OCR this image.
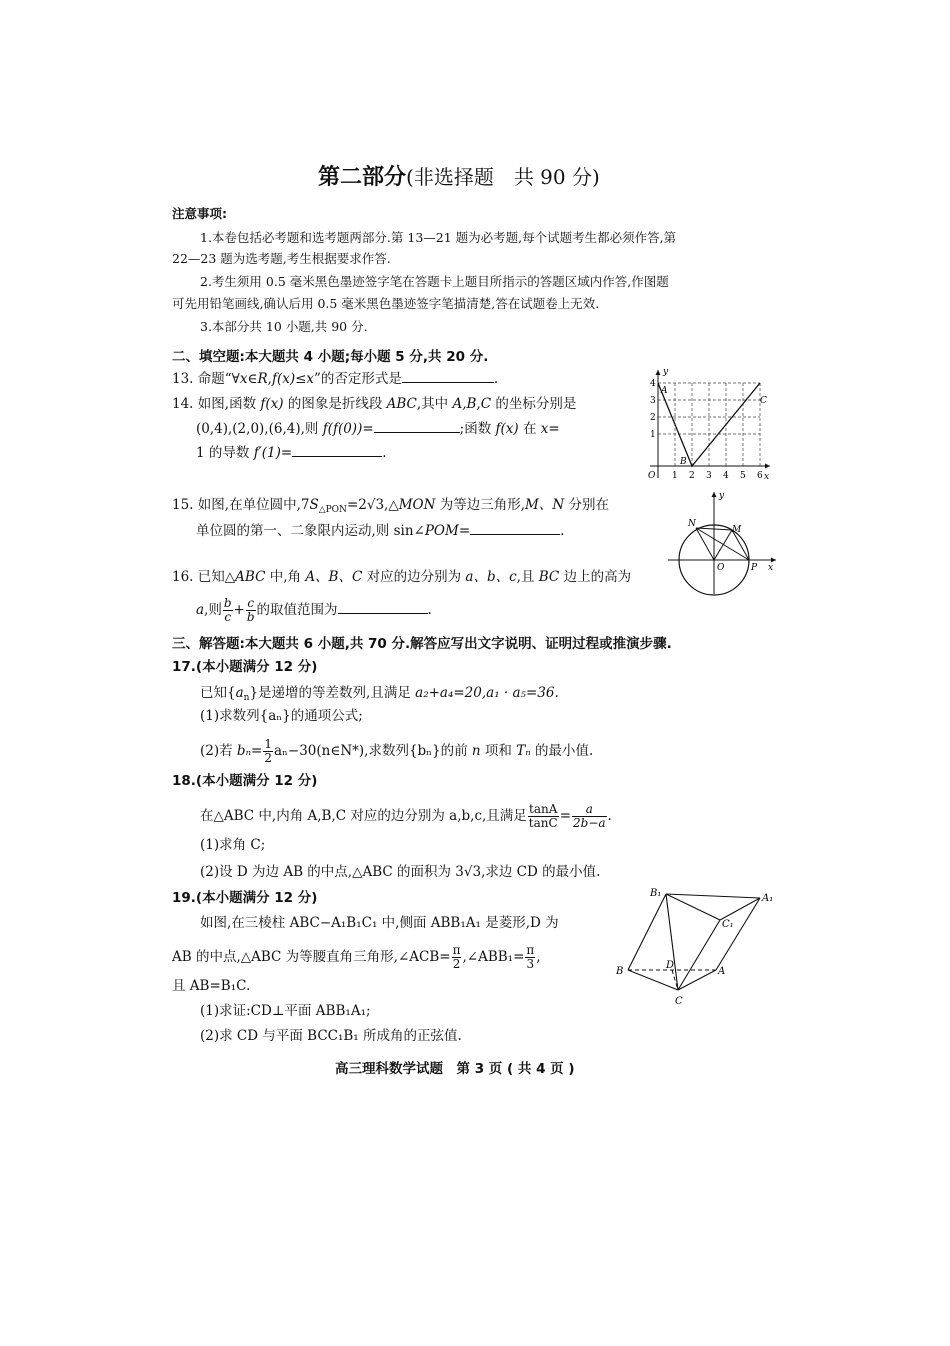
第二部分(非选择题　共 90 分)
注意事项:
1.本卷包括必考题和选考题两部分.第 13—21 题为必考题,每个试题考生都必须作答,第
22—23 题为选考题,考生根据要求作答.
2.考生须用 0.5 毫米黑色墨迹签字笔在答题卡上题目所指示的答题区域内作答,作图题
可先用铅笔画线,确认后用 0.5 毫米黑色墨迹签字笔描清楚,答在试题卷上无效.
3.本部分共 10 小题,共 90 分.
二、填空题:本大题共 4 小题;每小题 5 分,共 20 分.
13. 命题“∀x∈R,f(x)≤x”的否定形式是	.
14. 如图,函数 f(x) 的图象是折线段 ABC,其中 A,B,C 的坐标分别是
(0,4),(2,0),(6,4),则 f(f(0))=	;函数 f(x) 在 x=
1 的导数 f′(1)=	.
y
x
O
1
2
3
4
1 2 3 4 5 6
A
B
C
15. 如图,在单位圆中$,7S_{\triangle PON}=2√3,\triangle MON$ 为等边三角形,M、N 分别在
单位圆的第一、二象限内运动,则 sin∠POM=	.
O	P
M
N
y
x
16. 已知△ABC 中,角 A、B、C 对应的边分别为 a、b、c,且 BC 边上的高为
a,则 $\frac{b}{c} + \frac{c}{b}$ 的取值范围为	.
三、解答题:本大题共 6 小题,共 70 分.解答应写出文字说明、证明过程或推演步骤.
17.(本小题满分 12 分)
已知$\{a_n\}$是递增的等差数列,且满足 a₂+a₄=20,a₁ · a₅=36.
(1)求数列{aₙ}的通项公式;
(2)若 $b_n= \frac{1}{2}$ aₙ−30(n∈N*),求数列{bₙ}的前 n 项和 Tₙ 的最小值.
18.(本小题满分 12 分)
在△ABC 中,内角 A,B,C 对应的边分别为 a,b,c,且满足 $\frac{\tan A}{\tan C} = \frac{a}{2b-a}$ .
(1)求角 C;
(2)设 D 为边 AB 的中点,△ABC 的面积为 3√3,求边 CD 的最小值.
19.(本小题满分 12 分)
如图,在三棱柱 ABC−A₁B₁C₁ 中,侧面 ABB₁A₁ 是菱形,D 为
AB 的中点,△ABC 为等腰直角三角形,∠ACB= $\frac{\pi}{2}$ ,∠ABB₁= $\frac{\pi}{3}$ ,
且 AB=B₁C.
(1)求证:CD⊥平面 ABB₁A₁;
(2)求 CD 与平面 BCC₁B₁ 所成角的正弦值.
B₁	A₁
C₁
B
D
A
C
高三理科数学试题　第 3 页 ( 共 4 页 )
